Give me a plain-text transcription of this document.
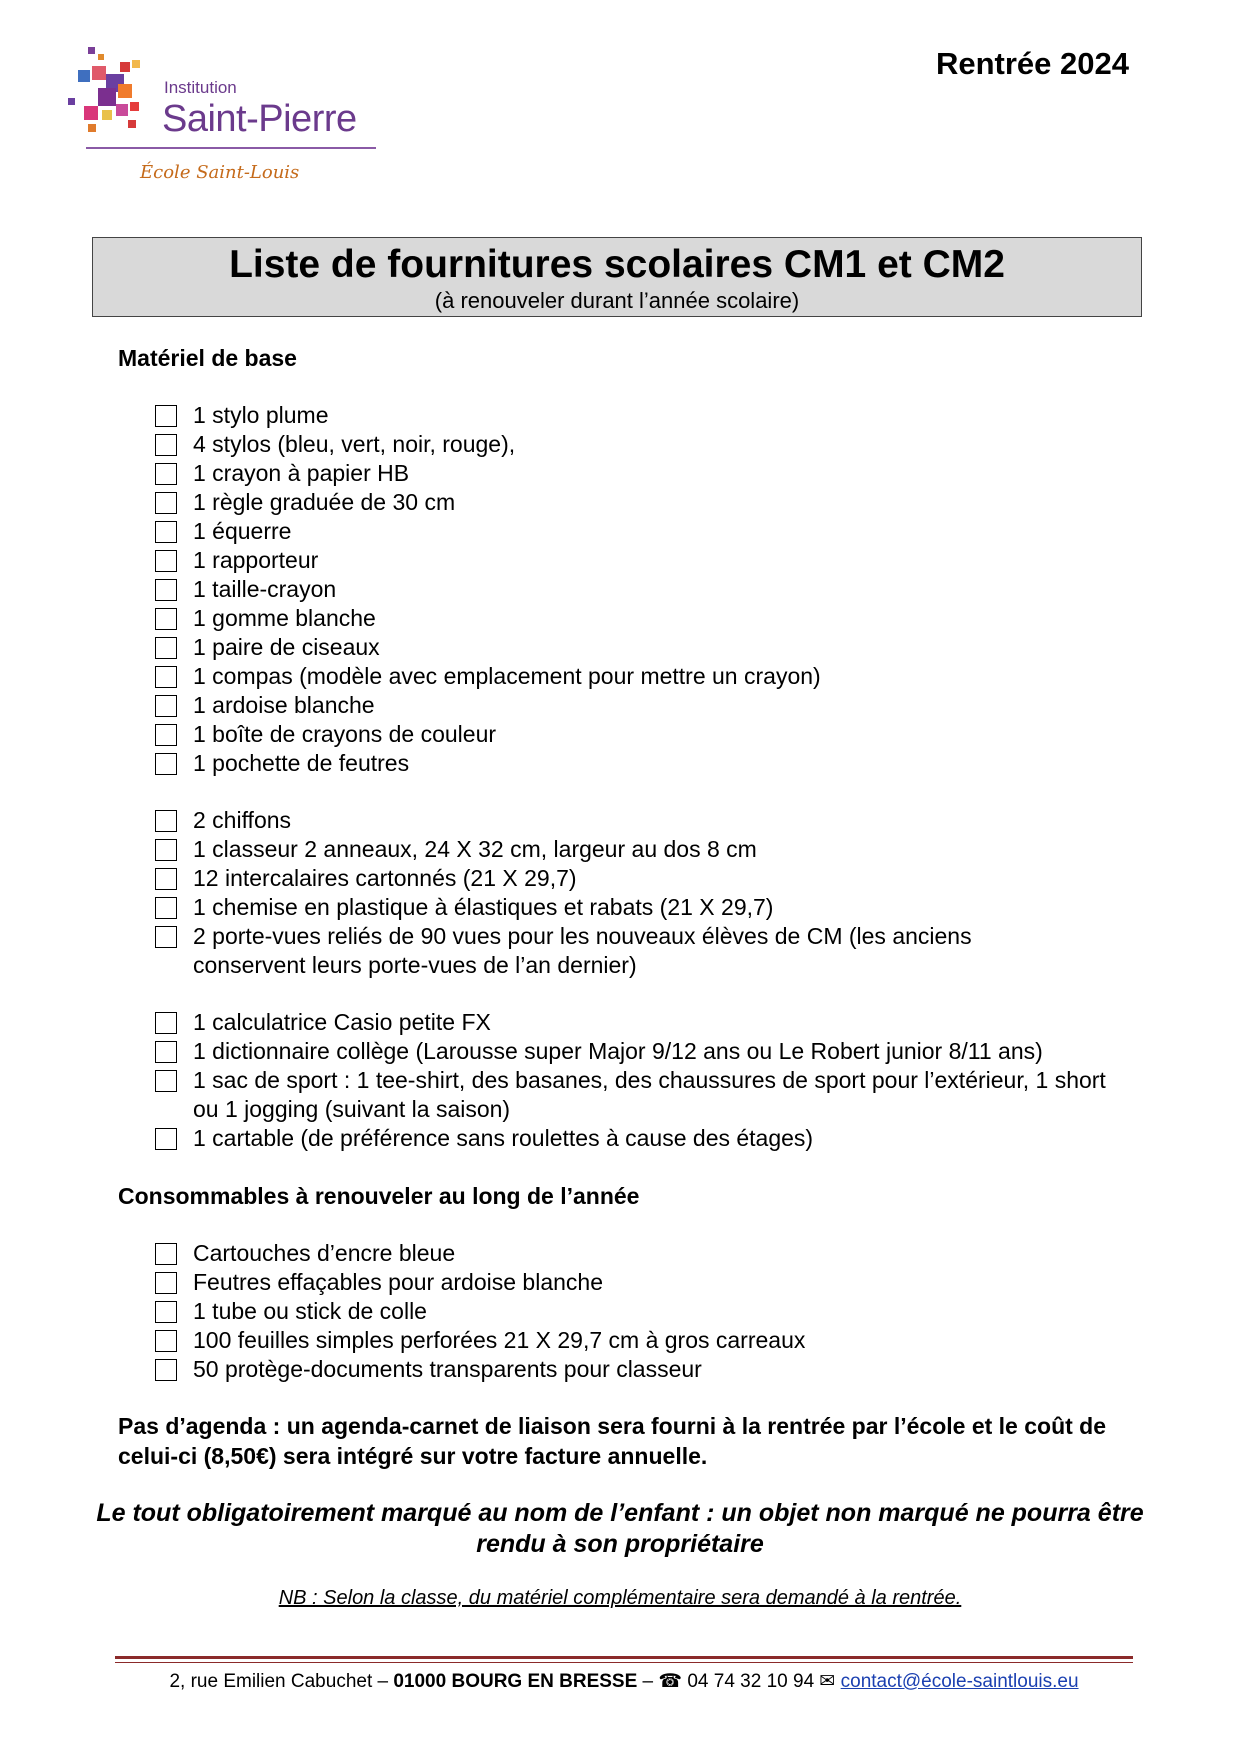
Institution
Saint-Pierre
École Saint-Louis
Rentrée 2024
Liste de fournitures scolaires CM1 et CM2
(à renouveler durant l’année scolaire)
Matériel de base
1 stylo plume
4 stylos (bleu, vert, noir, rouge),
1 crayon à papier HB
1 règle graduée de 30 cm
1 équerre
1 rapporteur
1 taille-crayon
1 gomme blanche
1 paire de ciseaux
1 compas (modèle avec emplacement pour mettre un crayon)
1 ardoise blanche
1 boîte de crayons de couleur
1 pochette de feutres
2 chiffons
1 classeur 2 anneaux, 24 X 32 cm, largeur au dos 8 cm
12 intercalaires cartonnés (21 X 29,7)
1 chemise en plastique à élastiques et rabats (21 X 29,7)
2 porte-vues reliés de 90 vues pour les nouveaux élèves de CM (les anciens conservent leurs porte-vues de l’an dernier)
1 calculatrice Casio petite FX
1 dictionnaire collège (Larousse super Major 9/12 ans ou Le Robert junior 8/11 ans)
1 sac de sport : 1 tee-shirt, des basanes, des chaussures de sport pour l’extérieur, 1 short ou 1 jogging (suivant la saison)
1 cartable (de préférence sans roulettes à cause des étages)
Consommables à renouveler au long de l’année
Cartouches d’encre bleue
Feutres effaçables pour ardoise blanche
1 tube ou stick de colle
100 feuilles simples perforées 21 X 29,7 cm à gros carreaux
50 protège-documents transparents pour classeur
Pas d’agenda : un agenda-carnet de liaison sera fourni à la rentrée par l’école et le coût de celui-ci (8,50€) sera intégré sur votre facture annuelle.
Le tout obligatoirement marqué au nom de l’enfant : un objet non marqué ne pourra être rendu à son propriétaire
NB : Selon la classe, du matériel complémentaire sera demandé à la rentrée.
2, rue Emilien Cabuchet – 01000 BOURG EN BRESSE – ☎ 04 74 32 10 94 ✉ contact@école-saintlouis.eu
